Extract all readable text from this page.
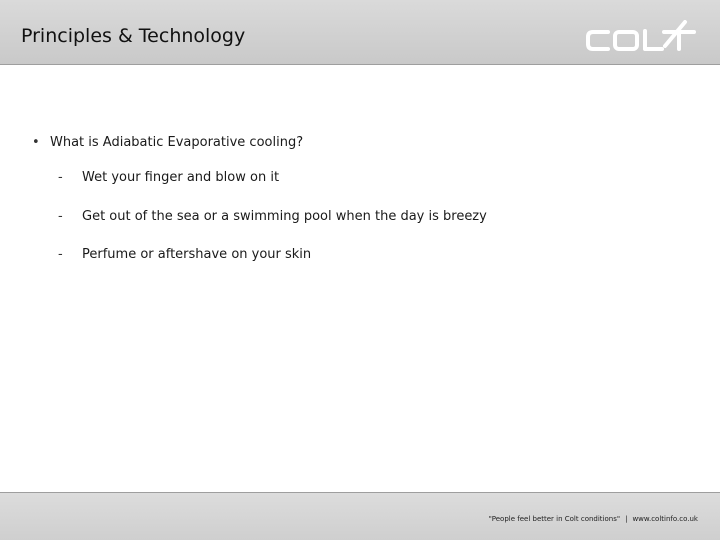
Principles & Technology
• What is Adiabatic Evaporative cooling?
-	Wet your finger and blow on it
-	Get out of the sea or a swimming pool when the day is breezy
-	Perfume or aftershave on your skin
"People feel better in Colt conditions" | www.coltinfo.co.uk
